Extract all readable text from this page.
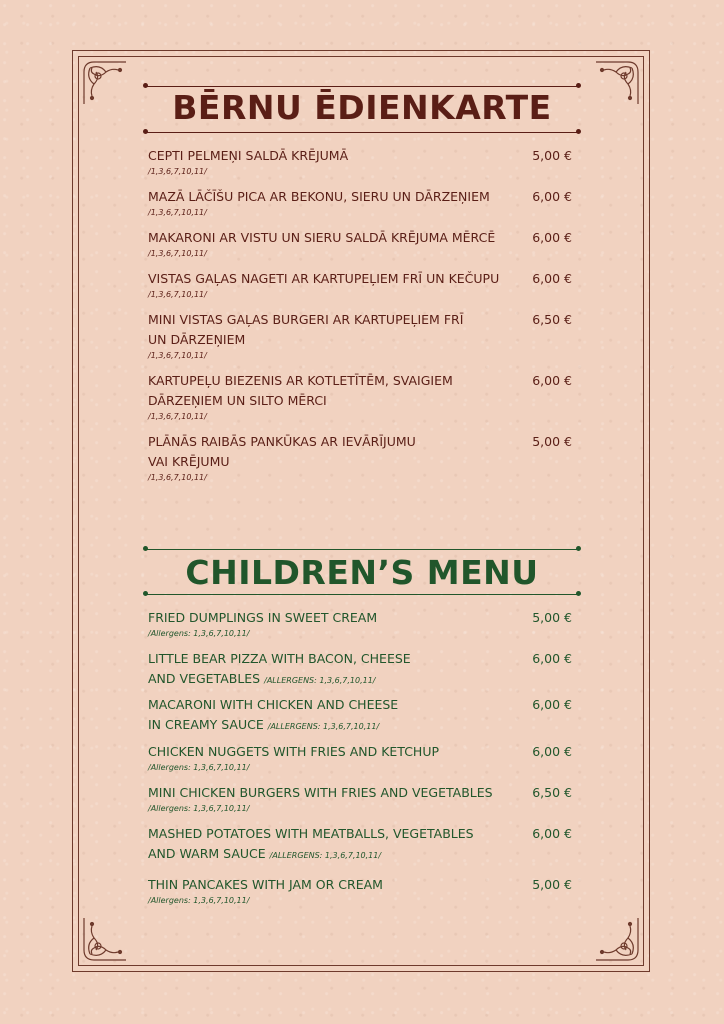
BĒRNU ĒDIENKARTE
CEPTI PELMEŅI SALDĀ KRĒJUMĀ
/1,3,6,7,10,11/
5,00 €
MAZĀ LĀČĪŠU PICA AR BEKONU, SIERU UN DĀRZEŅIEM
/1,3,6,7,10,11/
6,00 €
MAKARONI AR VISTU UN SIERU SALDĀ KRĒJUMA MĒRCĒ
/1,3,6,7,10,11/
6,00 €
VISTAS GAĻAS NAGETI AR KARTUPEĻIEM FRĪ UN KEČUPU
/1,3,6,7,10,11/
6,00 €
MINI VISTAS GAĻAS BURGERI AR KARTUPEĻIEM FRĪ
UN DĀRZEŅIEM
/1,3,6,7,10,11/
6,50 €
KARTUPEĻU BIEZENIS AR KOTLETĪTĒM, SVAIGIEM
DĀRZEŅIEM UN SILTO MĒRCI
/1,3,6,7,10,11/
6,00 €
PLĀNĀS RAIBĀS PANKŪKAS AR IEVĀRĪJUMU
VAI KRĒJUMU
/1,3,6,7,10,11/
5,00 €
CHILDREN’S MENU
FRIED DUMPLINGS IN SWEET CREAM
/Allergens: 1,3,6,7,10,11/
5,00 €
LITTLE BEAR PIZZA WITH BACON, CHEESE
AND VEGETABLES /ALLERGENS: 1,3,6,7,10,11/
6,00 €
MACARONI WITH CHICKEN AND CHEESE
IN CREAMY SAUCE /ALLERGENS: 1,3,6,7,10,11/
6,00 €
CHICKEN NUGGETS WITH FRIES AND KETCHUP
/Allergens: 1,3,6,7,10,11/
6,00 €
MINI CHICKEN BURGERS WITH FRIES AND VEGETABLES
/Allergens: 1,3,6,7,10,11/
6,50 €
MASHED POTATOES WITH MEATBALLS, VEGETABLES
AND WARM SAUCE /ALLERGENS: 1,3,6,7,10,11/
6,00 €
THIN PANCAKES WITH JAM OR CREAM
/Allergens: 1,3,6,7,10,11/
5,00 €
